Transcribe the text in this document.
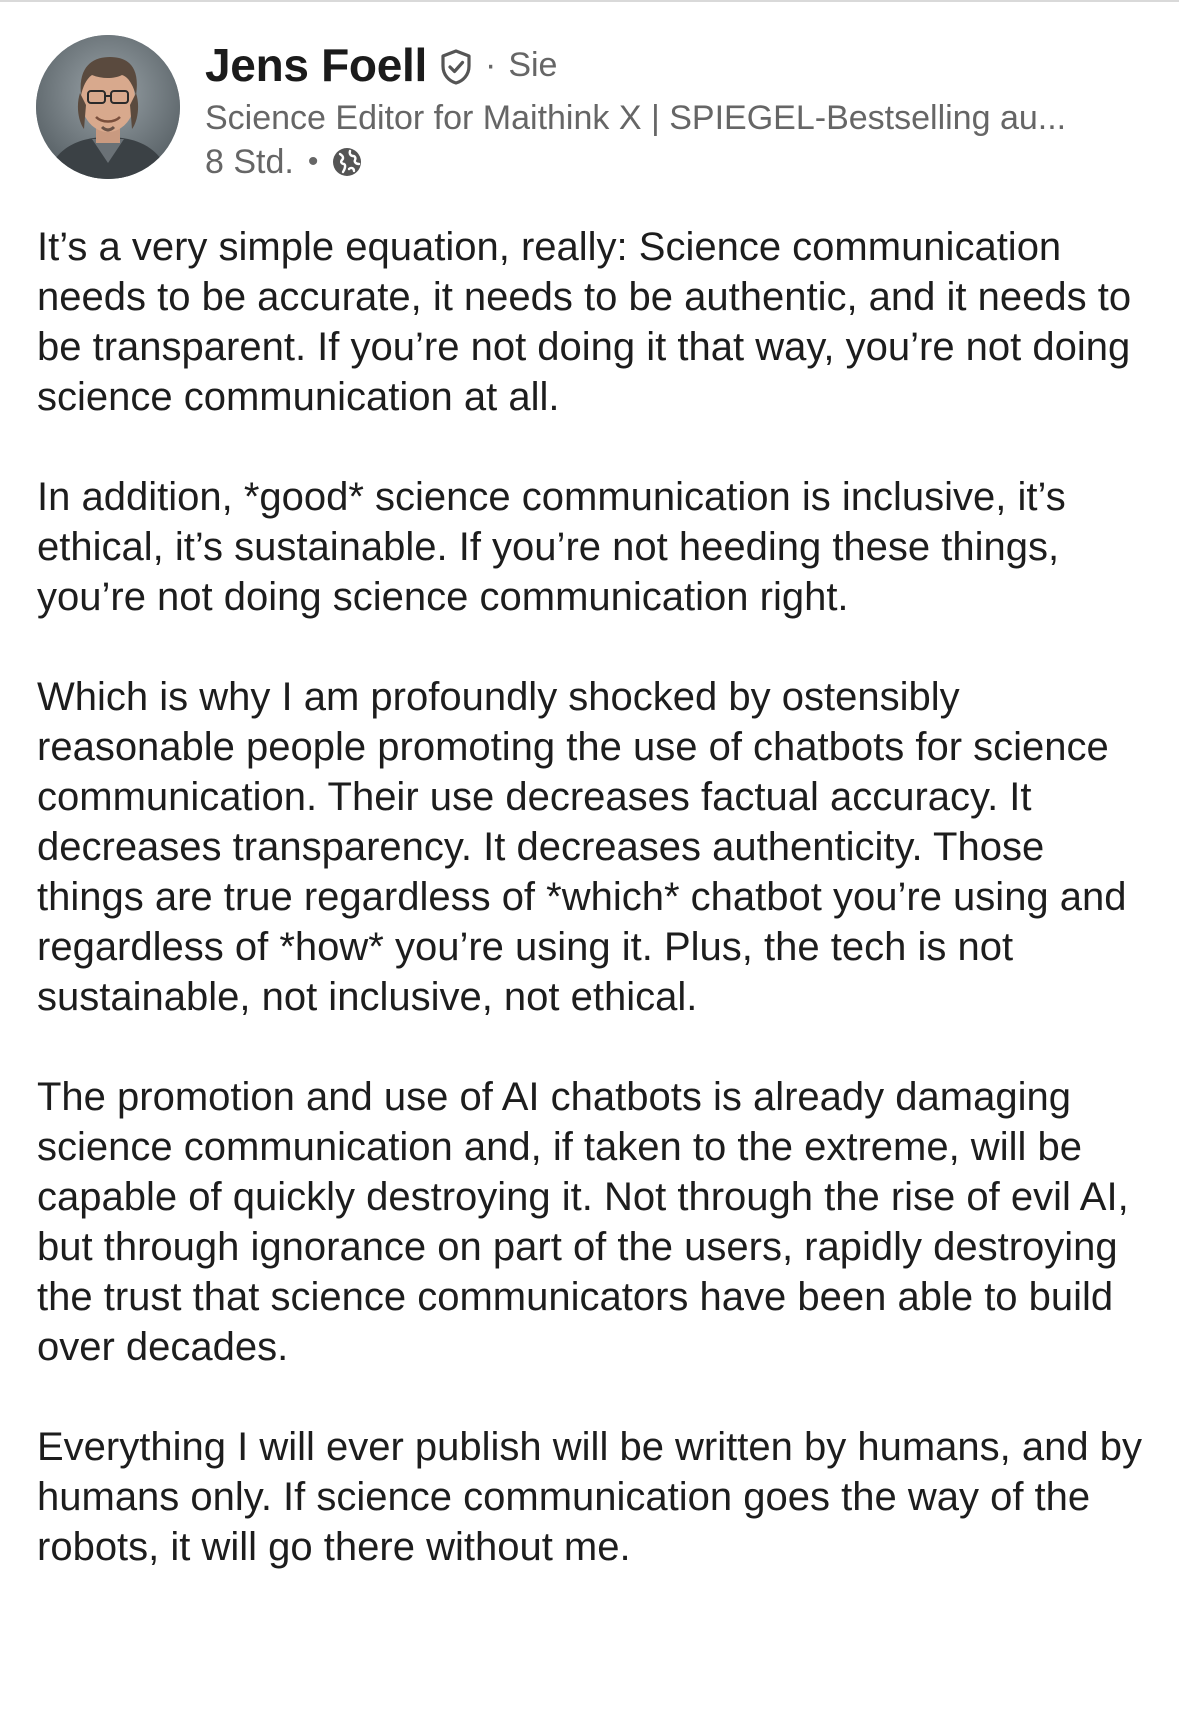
Jens Foell · Sie
Science Editor for Maithink X | SPIEGEL-Bestselling au...
8 Std. •

It’s a very simple equation, really: Science communication needs to be accurate, it needs to be authentic, and it needs to be transparent. If you’re not doing it that way, you’re not doing science communication at all.

In addition, *good* science communication is inclusive, it’s ethical, it’s sustainable. If you’re not heeding these things, you’re not doing science communication right.

Which is why I am profoundly shocked by ostensibly reasonable people promoting the use of chatbots for science communication. Their use decreases factual accuracy. It decreases transparency. It decreases authenticity. Those things are true regardless of *which* chatbot you’re using and regardless of *how* you’re using it. Plus, the tech is not sustainable, not inclusive, not ethical.

The promotion and use of AI chatbots is already damaging science communication and, if taken to the extreme, will be capable of quickly destroying it. Not through the rise of evil AI, but through ignorance on part of the users, rapidly destroying the trust that science communicators have been able to build over decades.

Everything I will ever publish will be written by humans, and by humans only. If science communication goes the way of the robots, it will go there without me.
